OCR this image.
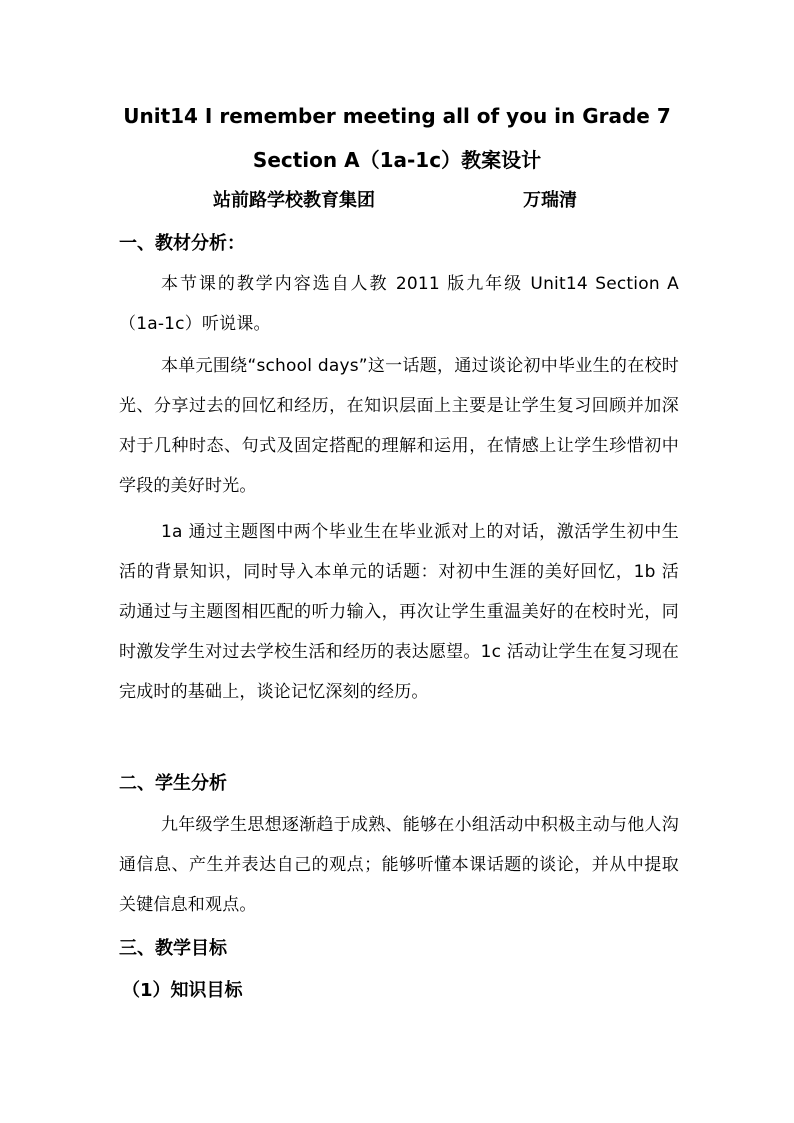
Unit14 I remember meeting all of you in Grade 7
Section A（1a-1c）教案设计
站前路学校教育集团	万瑞清
一、教材分析：
本节课的教学内容选自人教 2011 版九年级 Unit14 Section A（1a-1c）听说课。
本单元围绕“school days”这一话题，通过谈论初中毕业生的在校时光、分享过去的回忆和经历，在知识层面上主要是让学生复习回顾并加深对于几种时态、句式及固定搭配的理解和运用，在情感上让学生珍惜初中学段的美好时光。
1a 通过主题图中两个毕业生在毕业派对上的对话，激活学生初中生活的背景知识，同时导入本单元的话题：对初中生涯的美好回忆，1b 活动通过与主题图相匹配的听力输入，再次让学生重温美好的在校时光，同时激发学生对过去学校生活和经历的表达愿望。1c 活动让学生在复习现在完成时的基础上，谈论记忆深刻的经历。
二、学生分析
九年级学生思想逐渐趋于成熟、能够在小组活动中积极主动与他人沟通信息、产生并表达自己的观点；能够听懂本课话题的谈论，并从中提取关键信息和观点。
三、教学目标
（1）知识目标
